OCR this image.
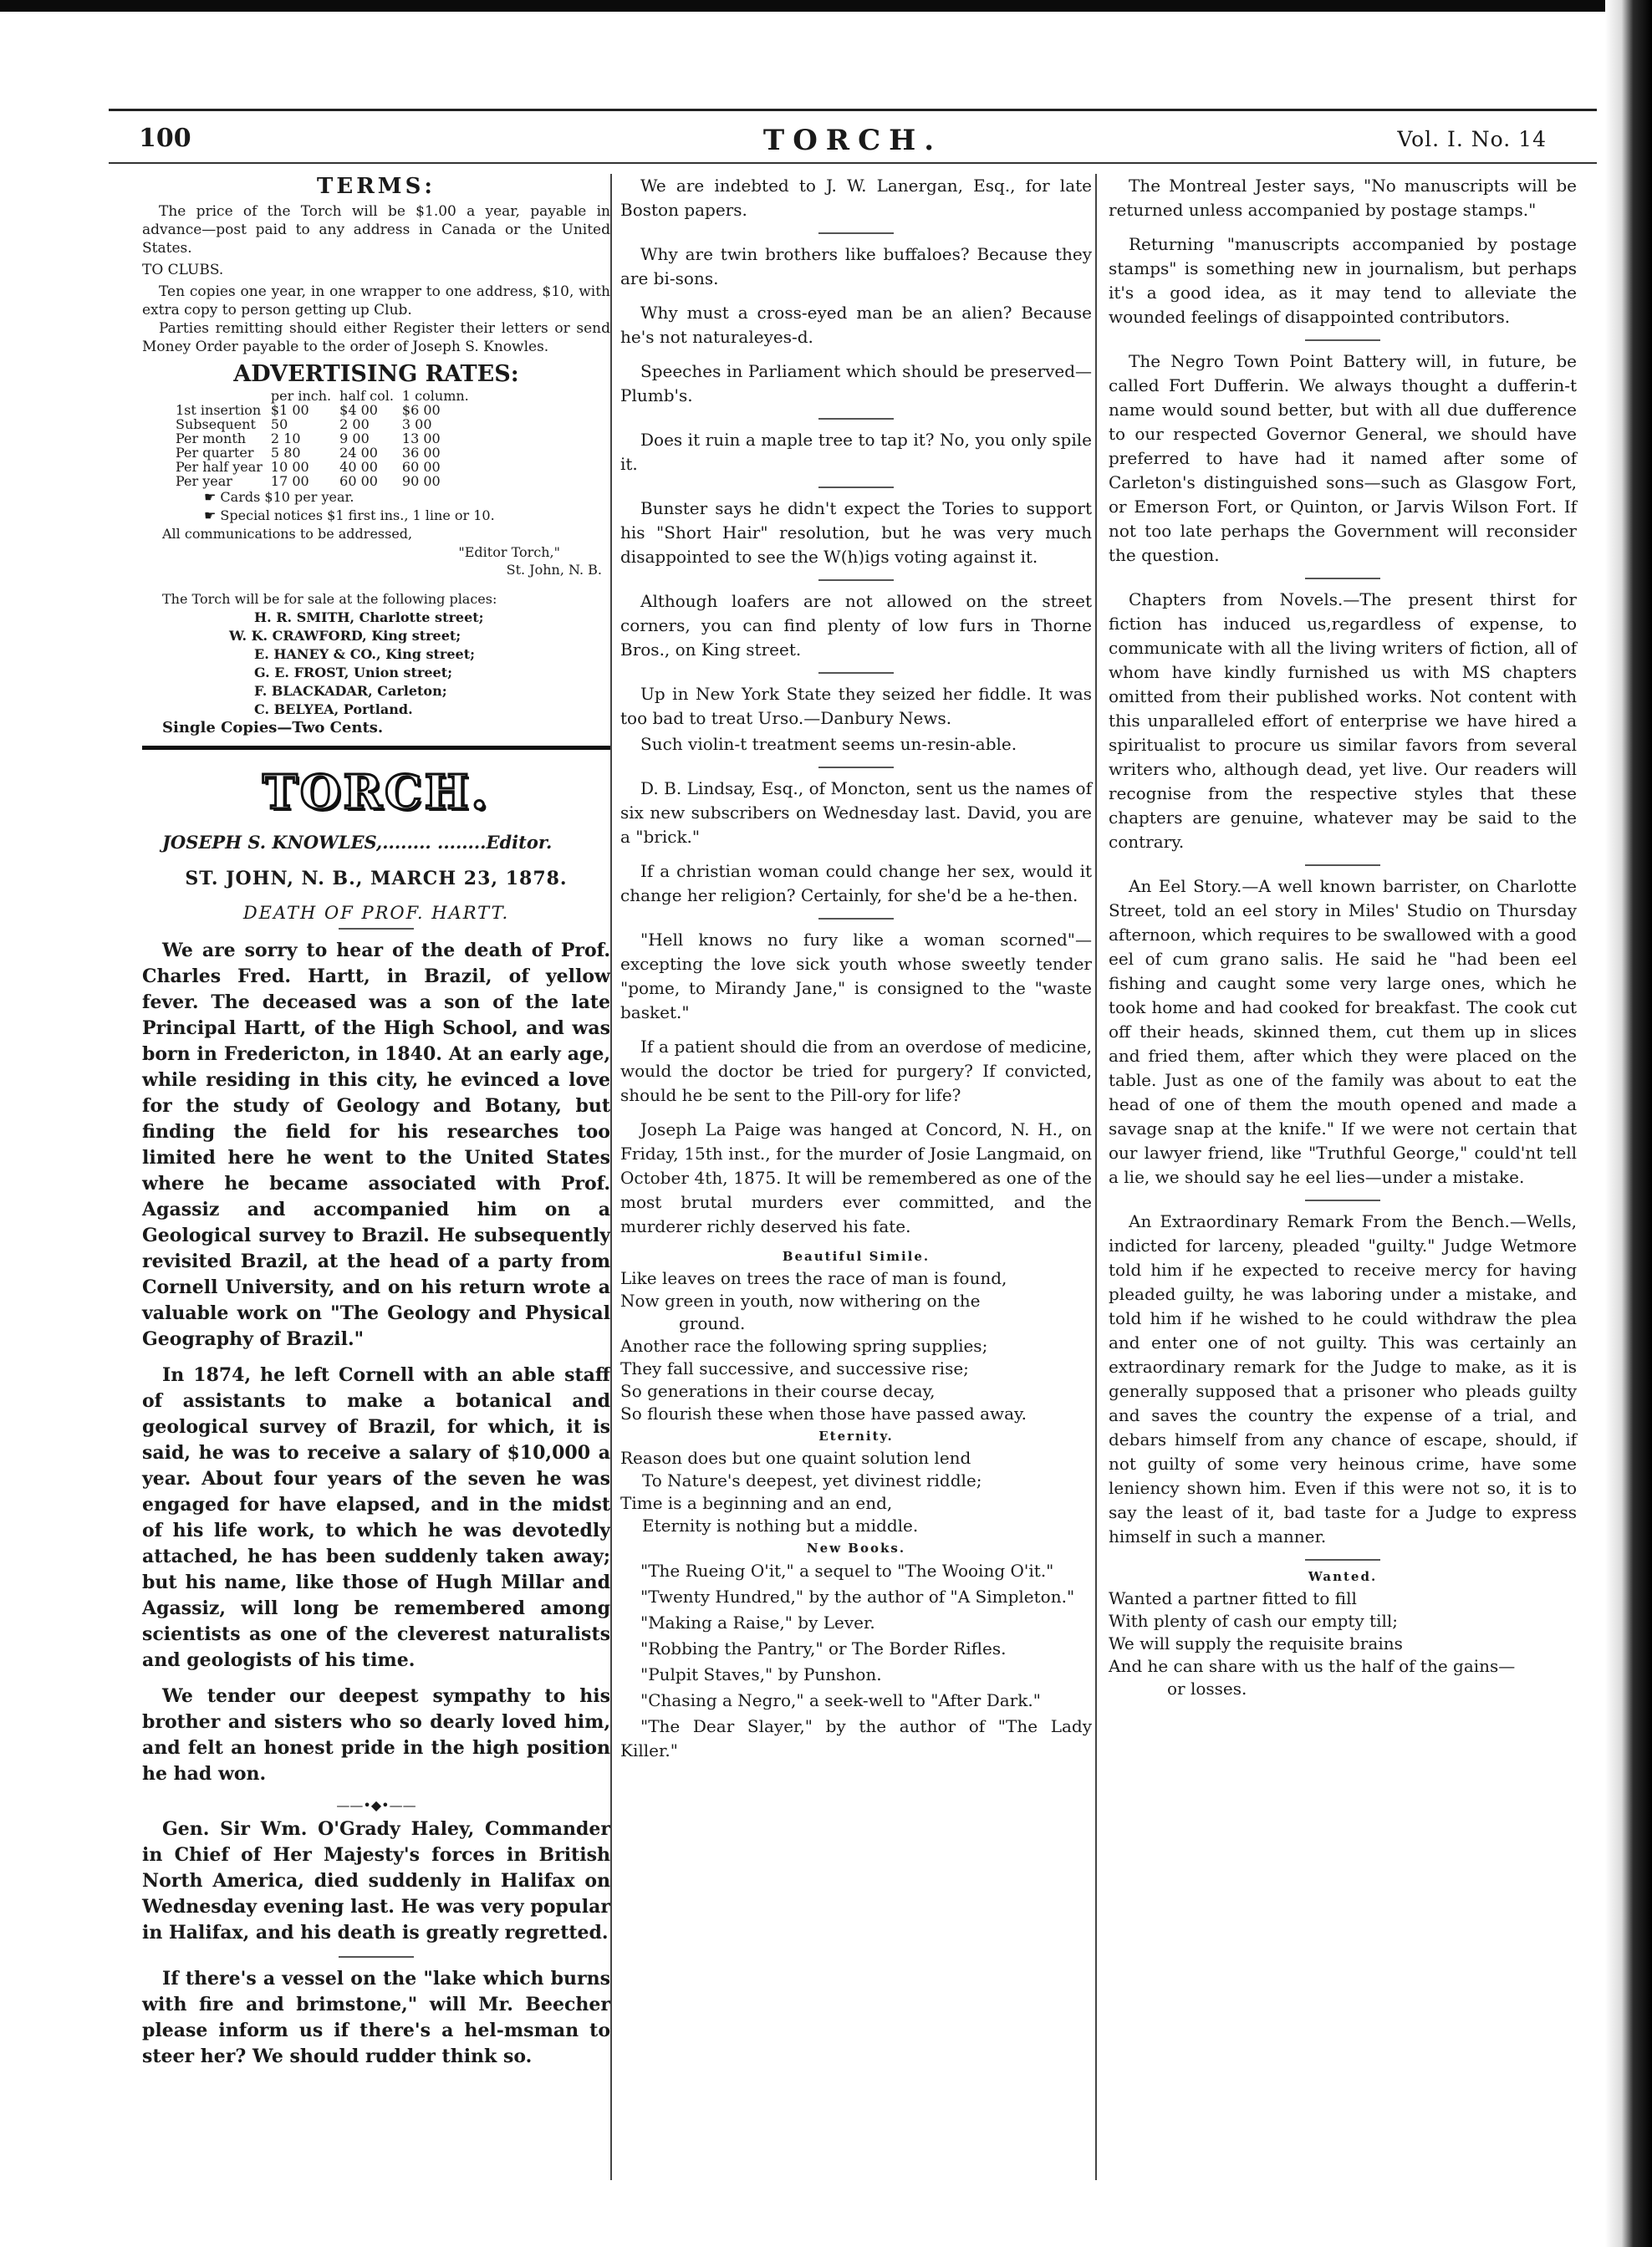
TORCH.
100	Vol. I. No. 14
TERMS:

The price of the Torch will be $1.00 a year, payable in advance—post paid to any address in Canada or the United States.

TO CLUBS.

Ten copies one year, in one wrapper to one address, $10, with extra copy to person getting up Club.

Parties remitting should either Register their letters or send Money Order payable to the order of Joseph S. Knowles.

ADVERTISING RATES:
	per inch.	half col.	1 column.
1st insertion	$1 00	$4 00	$6 00
Subsequent	50	2 00	3 00
Per month	2 10	9 00	13 00
Per quarter	5 80	24 00	36 00
Per half year	10 00	40 00	60 00
Per year	17 00	60 00	90 00

☛ Cards $10 per year.

☛ Special notices $1 first ins., 1 line or 10.

All communications to be addressed,

"Editor Torch,"

St. John, N. B.

The Torch will be for sale at the following places:

H. R. SMITH, Charlotte street;

W. K. CRAWFORD, King street;

E. HANEY & CO., King street;

G. E. FROST, Union street;

F. BLACKADAR, Carleton;

C. BELYEA, Portland.

Single Copies—Two Cents.

TORCH.

JOSEPH S. KNOWLES,........ ........Editor.

ST. JOHN, N. B., MARCH 23, 1878.
DEATH OF PROF. HARTT.

We are sorry to hear of the death of Prof. Charles Fred. Hartt, in Brazil, of yellow fever. The deceased was a son of the late Principal Hartt, of the High School, and was born in Fredericton, in 1840. At an early age, while residing in this city, he evinced a love for the study of Geology and Botany, but finding the field for his researches too limited here he went to the United States where he became associated with Prof. Agassiz and accompanied him on a Geological survey to Brazil. He subsequently revisited Brazil, at the head of a party from Cornell University, and on his return wrote a valuable work on "The Geology and Physical Geography of Brazil."

In 1874, he left Cornell with an able staff of assistants to make a botanical and geological survey of Brazil, for which, it is said, he was to receive a salary of $10,000 a year. About four years of the seven he was engaged for have elapsed, and in the midst of his life work, to which he was devotedly attached, he has been suddenly taken away; but his name, like those of Hugh Millar and Agassiz, will long be remembered among scientists as one of the cleverest naturalists and geologists of his time.

We tender our deepest sympathy to his brother and sisters who so dearly loved him, and felt an honest pride in the high position he had won.

——•◆•——

Gen. Sir Wm. O'Grady Haley, Commander in Chief of Her Majesty's forces in British North America, died suddenly in Halifax on Wednesday evening last. He was very popular in Halifax, and his death is greatly regretted.

If there's a vessel on the "lake which burns with fire and brimstone," will Mr. Beecher please inform us if there's a hel-msman to steer her? We should rudder think so.

We are indebted to J. W. Lanergan, Esq., for late Boston papers.

Why are twin brothers like buffaloes? Because they are bi-sons.

Why must a cross-eyed man be an alien? Because he's not naturaleyes-d.

Speeches in Parliament which should be preserved—Plumb's.

Does it ruin a maple tree to tap it? No, you only spile it.

Bunster says he didn't expect the Tories to support his "Short Hair" resolution, but he was very much disappointed to see the W(h)igs voting against it.

Although loafers are not allowed on the street corners, you can find plenty of low furs in Thorne Bros., on King street.

Up in New York State they seized her fiddle. It was too bad to treat Urso.—Danbury News.

Such violin-t treatment seems un-resin-able.

D. B. Lindsay, Esq., of Moncton, sent us the names of six new subscribers on Wednesday last. David, you are a "brick."

If a christian woman could change her sex, would it change her religion? Certainly, for she'd be a he-then.

"Hell knows no fury like a woman scorned"—excepting the love sick youth whose sweetly tender "pome, to Mirandy Jane," is consigned to the "waste basket."

If a patient should die from an overdose of medicine, would the doctor be tried for purgery? If convicted, should he be sent to the Pill-ory for life?

Joseph La Paige was hanged at Concord, N. H., on Friday, 15th inst., for the murder of Josie Langmaid, on October 4th, 1875. It will be remembered as one of the most brutal murders ever committed, and the murderer richly deserved his fate.

Beautiful Simile.

Like leaves on trees the race of man is found,

Now green in youth, now withering on the

ground.

Another race the following spring supplies;

They fall successive, and successive rise;

So generations in their course decay,

So flourish these when those have passed away.

Eternity.

Reason does but one quaint solution lend

To Nature's deepest, yet divinest riddle;

Time is a beginning and an end,

Eternity is nothing but a middle.

New Books.

"The Rueing O'it," a sequel to "The Wooing O'it."

"Twenty Hundred," by the author of "A Simpleton."

"Making a Raise," by Lever.

"Robbing the Pantry," or The Border Rifles.

"Pulpit Staves," by Punshon.

"Chasing a Negro," a seek-well to "After Dark."

"The Dear Slayer," by the author of "The Lady Killer."

The Montreal Jester says, "No manuscripts will be returned unless accompanied by postage stamps."

Returning "manuscripts accompanied by postage stamps" is something new in journalism, but perhaps it's a good idea, as it may tend to alleviate the wounded feelings of disappointed contributors.

The Negro Town Point Battery will, in future, be called Fort Dufferin. We always thought a dufferin-t name would sound better, but with all due dufference to our respected Governor General, we should have preferred to have had it named after some of Carleton's distinguished sons—such as Glasgow Fort, or Emerson Fort, or Quinton, or Jarvis Wilson Fort. If not too late perhaps the Government will reconsider the question.

Chapters from Novels.—The present thirst for fiction has induced us,regardless of expense, to communicate with all the living writers of fiction, all of whom have kindly furnished us with MS chapters omitted from their published works. Not content with this unparalleled effort of enterprise we have hired a spiritualist to procure us similar favors from several writers who, although dead, yet live. Our readers will recognise from the respective styles that these chapters are genuine, whatever may be said to the contrary.

An Eel Story.—A well known barrister, on Charlotte Street, told an eel story in Miles' Studio on Thursday afternoon, which requires to be swallowed with a good eel of cum grano salis. He said he "had been eel fishing and caught some very large ones, which he took home and had cooked for breakfast. The cook cut off their heads, skinned them, cut them up in slices and fried them, after which they were placed on the table. Just as one of the family was about to eat the head of one of them the mouth opened and made a savage snap at the knife." If we were not certain that our lawyer friend, like "Truthful George," could'nt tell a lie, we should say he eel lies—under a mistake.

An Extraordinary Remark From the Bench.—Wells, indicted for larceny, pleaded "guilty." Judge Wetmore told him if he expected to receive mercy for having pleaded guilty, he was laboring under a mistake, and told him if he wished to he could withdraw the plea and enter one of not guilty. This was certainly an extraordinary remark for the Judge to make, as it is generally supposed that a prisoner who pleads guilty and saves the country the expense of a trial, and debars himself from any chance of escape, should, if not guilty of some very heinous crime, have some leniency shown him. Even if this were not so, it is to say the least of it, bad taste for a Judge to express himself in such a manner.

Wanted.

Wanted a partner fitted to fill

With plenty of cash our empty till;

We will supply the requisite brains

And he can share with us the half of the gains—

or losses.
